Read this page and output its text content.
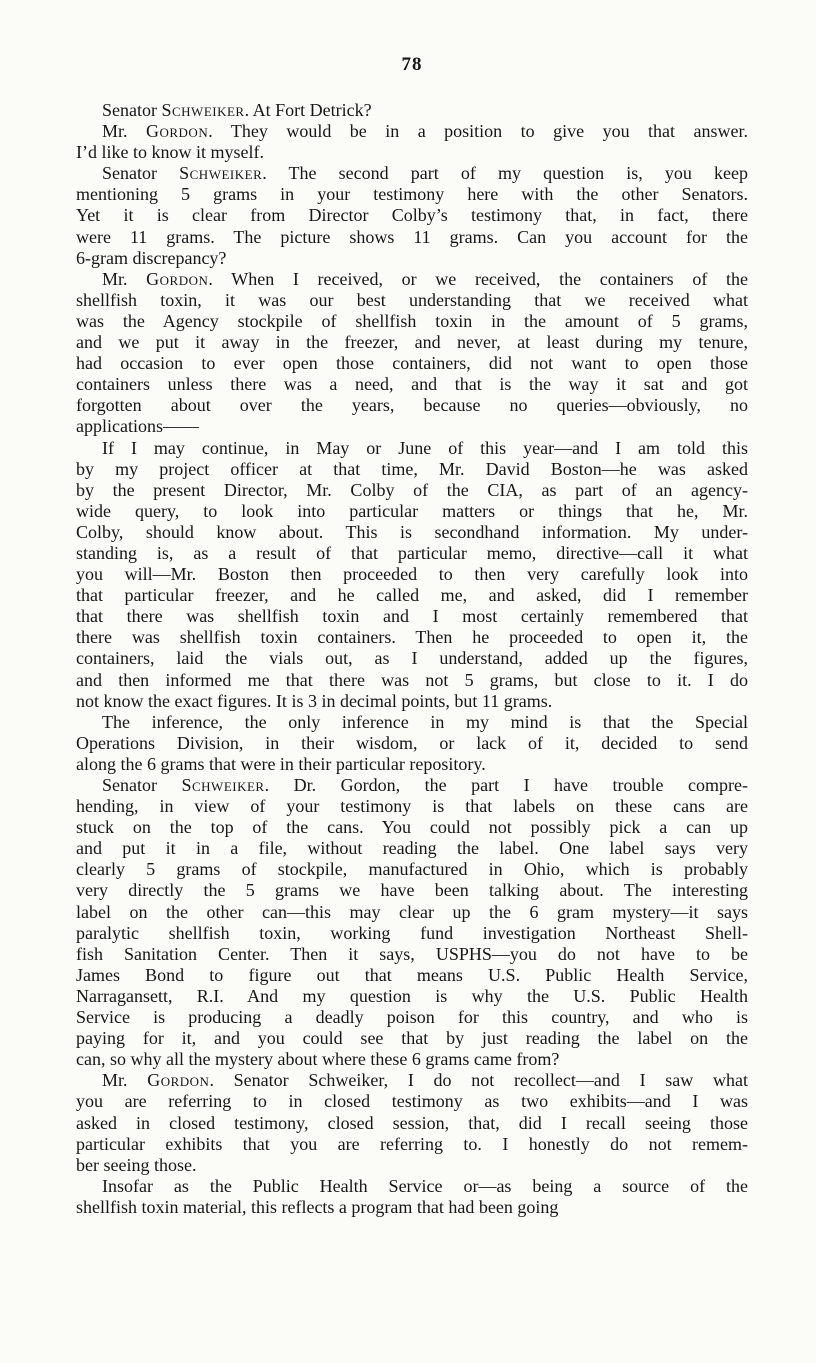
78
Senator Schweiker. At Fort Detrick?
Mr. Gordon. They would be in a position to give you that answer.
I’d like to know it myself.
Senator Schweiker. The second part of my question is, you keep
mentioning 5 grams in your testimony here with the other Senators.
Yet it is clear from Director Colby’s testimony that, in fact, there
were 11 grams. The picture shows 11 grams. Can you account for the
6-gram discrepancy?
Mr. Gordon. When I received, or we received, the containers of the
shellfish toxin, it was our best understanding that we received what
was the Agency stockpile of shellfish toxin in the amount of 5 grams,
and we put it away in the freezer, and never, at least during my tenure,
had occasion to ever open those containers, did not want to open those
containers unless there was a need, and that is the way it sat and got
forgotten about over the years, because no queries—obviously, no
applications——
If I may continue, in May or June of this year—and I am told this
by my project officer at that time, Mr. David Boston—he was asked
by the present Director, Mr. Colby of the CIA, as part of an agency-
wide query, to look into particular matters or things that he, Mr.
Colby, should know about. This is secondhand information. My under-
standing is, as a result of that particular memo, directive—call it what
you will—Mr. Boston then proceeded to then very carefully look into
that particular freezer, and he called me, and asked, did I remember
that there was shellfish toxin and I most certainly remembered that
there was shellfish toxin containers. Then he proceeded to open it, the
containers, laid the vials out, as I understand, added up the figures,
and then informed me that there was not 5 grams, but close to it. I do
not know the exact figures. It is 3 in decimal points, but 11 grams.
The inference, the only inference in my mind is that the Special
Operations Division, in their wisdom, or lack of it, decided to send
along the 6 grams that were in their particular repository.
Senator Schweiker. Dr. Gordon, the part I have trouble compre-
hending, in view of your testimony is that labels on these cans are
stuck on the top of the cans. You could not possibly pick a can up
and put it in a file, without reading the label. One label says very
clearly 5 grams of stockpile, manufactured in Ohio, which is probably
very directly the 5 grams we have been talking about. The interesting
label on the other can—this may clear up the 6 gram mystery—it says
paralytic shellfish toxin, working fund investigation Northeast Shell-
fish Sanitation Center. Then it says, USPHS—you do not have to be
James Bond to figure out that means U.S. Public Health Service,
Narragansett, R.I. And my question is why the U.S. Public Health
Service is producing a deadly poison for this country, and who is
paying for it, and you could see that by just reading the label on the
can, so why all the mystery about where these 6 grams came from?
Mr. Gordon. Senator Schweiker, I do not recollect—and I saw what
you are referring to in closed testimony as two exhibits—and I was
asked in closed testimony, closed session, that, did I recall seeing those
particular exhibits that you are referring to. I honestly do not remem-
ber seeing those.
Insofar as the Public Health Service or—as being a source of the
shellfish toxin material, this reflects a program that had been going
